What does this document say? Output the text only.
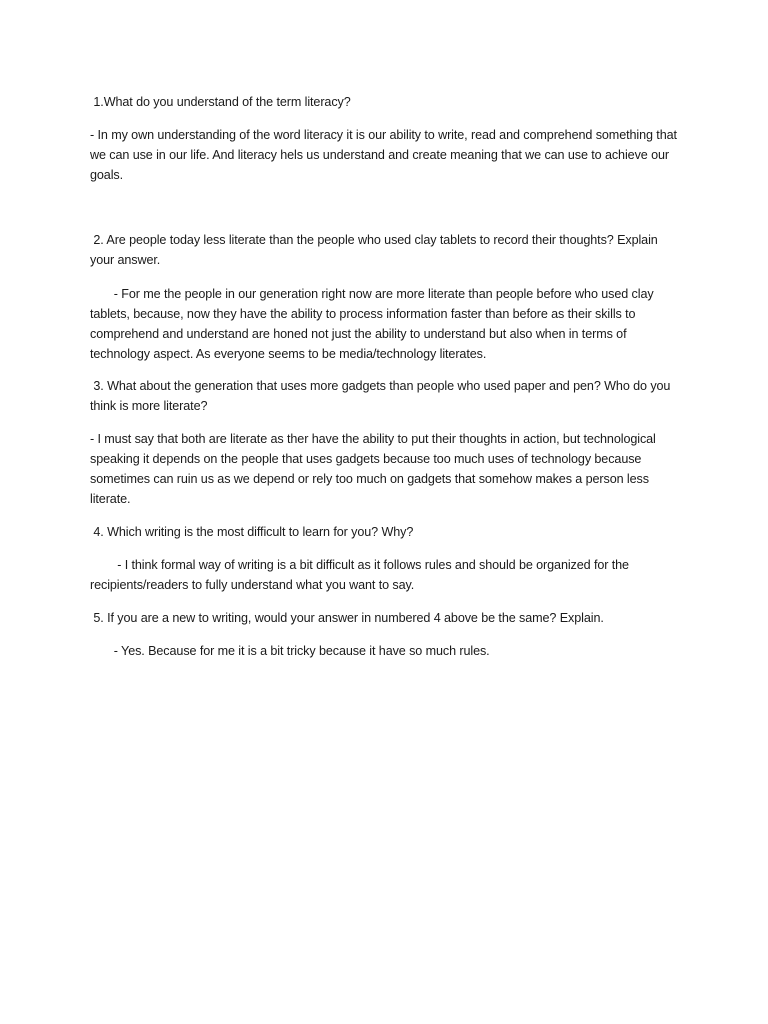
1.What do you understand of the term literacy?

- In my own understanding of the word literacy it is our ability to write, read and comprehend something that we can use in our life. And literacy hels us understand and create meaning that we can use to achieve our goals.

2. Are people today less literate than the people who used clay tablets to record their thoughts? Explain your answer.

- For me the people in our generation right now are more literate than people before who used clay tablets, because, now they have the ability to process information faster than before as their skills to comprehend and understand are honed not just the ability to understand but also when in terms of technology aspect. As everyone seems to be media/technology literates.

3. What about the generation that uses more gadgets than people who used paper and pen? Who do you think is more literate?

- I must say that both are literate as ther have the ability to put their thoughts in action, but technological speaking it depends on the people that uses gadgets because too much uses of technology because sometimes can ruin us as we depend or rely too much on gadgets that somehow makes a person less literate.

4. Which writing is the most difficult to learn for you? Why?

- I think formal way of writing is a bit difficult as it follows rules and should be organized for the recipients/readers to fully understand what you want to say.

5. If you are a new to writing, would your answer in numbered 4 above be the same? Explain.

- Yes. Because for me it is a bit tricky because it have so much rules.
